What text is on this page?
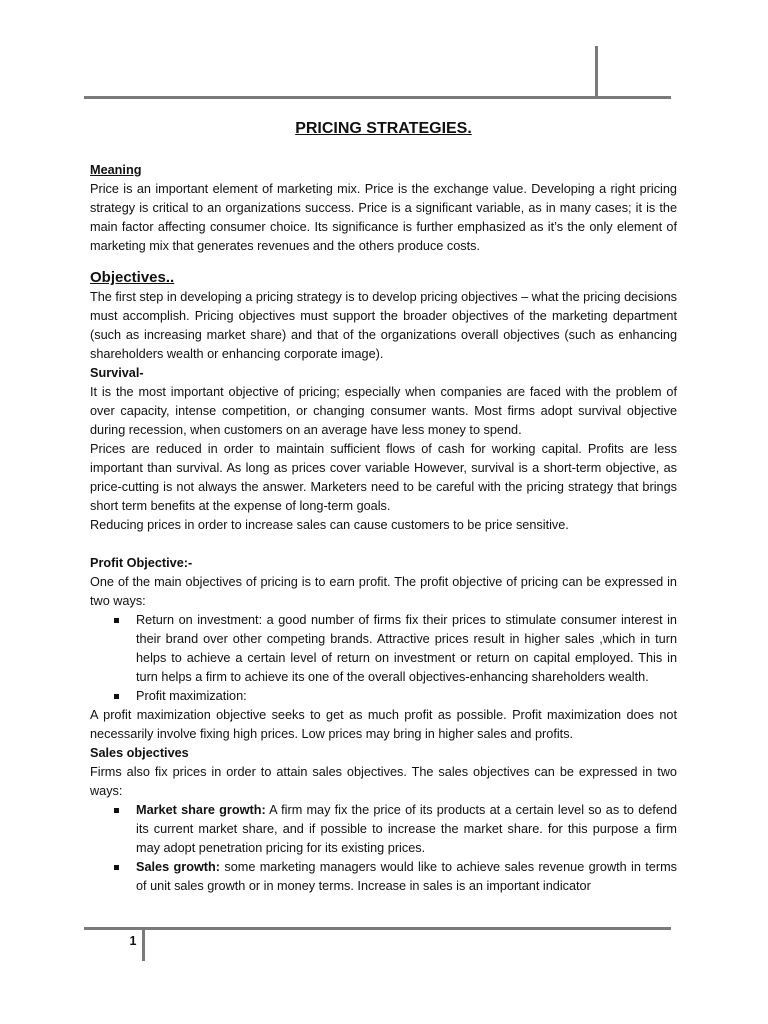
1
PRICING STRATEGIES.
Meaning

Price is an important element of marketing mix. Price is the exchange value. Developing a right pricing strategy is critical to an organizations success. Price is a significant variable, as in many cases; it is the main factor affecting consumer choice. Its significance is further emphasized as it’s the only element of marketing mix that generates revenues and the others produce costs.

Objectives..

The first step in developing a pricing strategy is to develop pricing objectives – what the pricing decisions must accomplish. Pricing objectives must support the broader objectives of the marketing department (such as increasing market share) and that of the organizations overall objectives (such as enhancing shareholders wealth or enhancing corporate image).

Survival-

It is the most important objective of pricing; especially when companies are faced with the problem of over capacity, intense competition, or changing consumer wants. Most firms adopt survival objective during recession, when customers on an average have less money to spend.

Prices are reduced in order to maintain sufficient flows of cash for working capital. Profits are less important than survival. As long as prices cover variable However, survival is a short-term objective, as price-cutting is not always the answer. Marketers need to be careful with the pricing strategy that brings short term benefits at the expense of long-term goals.

Reducing prices in order to increase sales can cause customers to be price sensitive.

Profit Objective:-

One of the main objectives of pricing is to earn profit. The profit objective of pricing can be expressed in two ways:

Return on investment: a good number of firms fix their prices to stimulate consumer interest in their brand over other competing brands. Attractive prices result in higher sales ,which in turn helps to achieve a certain level of return on investment or return on capital employed. This in turn helps a firm to achieve its one of the overall objectives-enhancing shareholders wealth.
Profit maximization:

A profit maximization objective seeks to get as much profit as possible. Profit maximization does not necessarily involve fixing high prices. Low prices may bring in higher sales and profits.

Sales objectives

Firms also fix prices in order to attain sales objectives. The sales objectives can be expressed in two ways:

Market share growth: A firm may fix the price of its products at a certain level so as to defend its current market share, and if possible to increase the market share. for this purpose a firm may adopt penetration pricing for its existing prices.
Sales growth: some marketing managers would like to achieve sales revenue growth in terms of unit sales growth or in money terms. Increase in sales is an important indicator
